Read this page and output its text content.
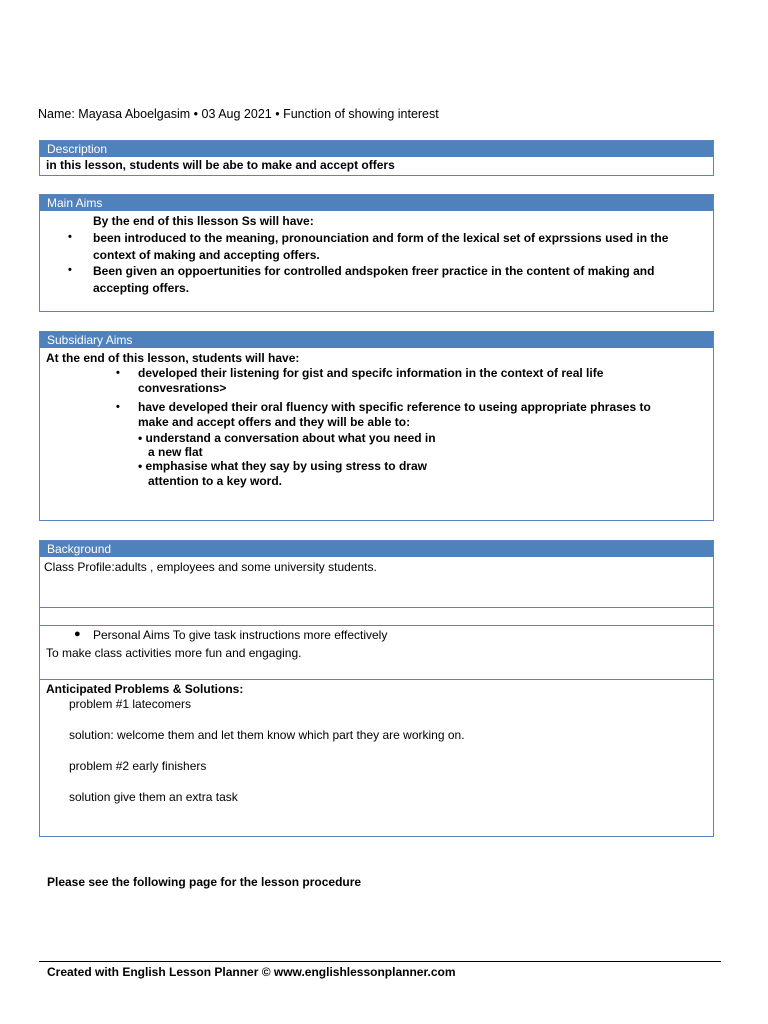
Name: Mayasa Aboelgasim • 03 Aug 2021 • Function of showing interest
Description
in this lesson, students will be abe to make and accept offers
Main Aims
By the end of this llesson Ss will have:
• been introduced to the meaning, pronounciation and form of the lexical set of exprssions used in the
context of making and accepting offers.
• Been given an oppoertunities for controlled andspoken freer practice in the content of making and
accepting offers.
Subsidiary Aims
At the end of this lesson, students will have:
• developed their listening for gist and specifc information in the context of real life
convesrations>
• have developed their oral fluency with specific reference to useing appropriate phrases to
make and accept offers and they will be able to:
• understand a conversation about what you need in
a new flat
• emphasise what they say by using stress to draw
attention to a key word.
Background
Class Profile:adults , employees and some university students.
● Personal Aims To give task instructions more effectively
To make class activities more fun and engaging.
Anticipated Problems & Solutions:
problem #1 latecomers
solution: welcome them and let them know which part they are working on.
problem #2 early finishers
solution give them an extra task
Please see the following page for the lesson procedure
Created with English Lesson Planner © www.englishlessonplanner.com
